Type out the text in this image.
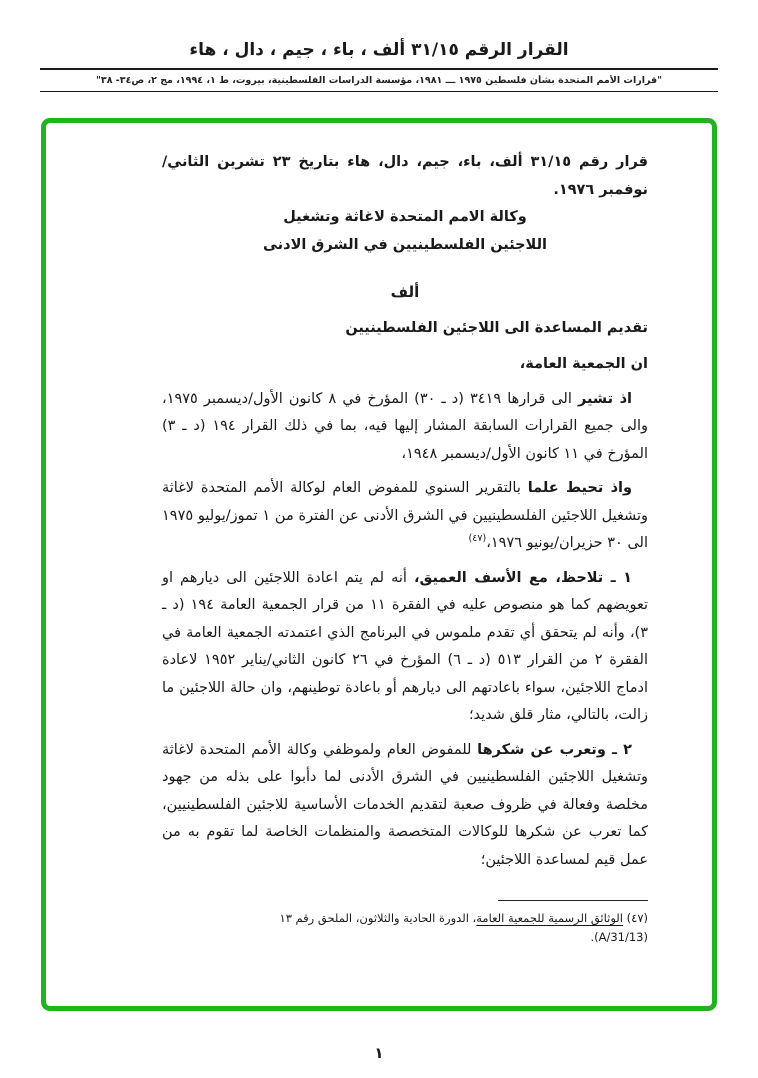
القرار الرقم ٣١/١٥ ألف ، باء ، جيم ، دال ، هاء

"قرارات الأمم المتحدة بشأن فلسطين ١٩٧٥ ـــ ١٩٨١، مؤسسة الدراسات الفلسطينية، بيروت، ط ١، ١٩٩٤، مج ٢، ص٣٤- ٣٨"

قرار رقم ٣١/١٥ ألف، باء، جيم، دال، هاء بتاريخ ٢٣ تشرين الثاني/نوفمبر ١٩٧٦.

وكالة الامم المتحدة لاغاثة وتشغيل

اللاجئين الفلسطينيين في الشرق الادنى

ألف
تقديم المساعدة الى اللاجئين الفلسطينيين

ان الجمعية العامة،

اذ تشير الى قرارها ٣٤١٩ (د ـ ٣٠) المؤرخ في ٨ كانون الأول/ديسمبر ١٩٧٥، والى جميع القرارات السابقة المشار إليها فيه، بما في ذلك القرار ١٩٤ (د ـ ٣) المؤرخ في ١١ كانون الأول/ديسمبر ١٩٤٨،

واذ تحيط علما بالتقرير السنوي للمفوض العام لوكالة الأمم المتحدة لاغاثة وتشغيل اللاجئين الفلسطينيين في الشرق الأدنى عن الفترة من ١ تموز/يوليو ١٩٧٥ الى ٣٠ حزيران/يونيو ١٩٧٦،$^{(٤٧)}$

١ ـ تلاحظ، مع الأسف العميق، أنه لم يتم اعادة اللاجئين الى ديارهم او تعويضهم كما هو منصوص عليه في الفقرة ١١ من قرار الجمعية العامة ١٩٤ (د ـ ٣)، وأنه لم يتحقق أي تقدم ملموس في البرنامج الذي اعتمدته الجمعية العامة في الفقرة ٢ من القرار ٥١٣ (د ـ ٦) المؤرخ في ٢٦ كانون الثاني/يناير ١٩٥٢ لاعادة ادماج اللاجئين، سواء باعادتهم الى ديارهم أو باعادة توطينهم، وان حالة اللاجئين ما زالت، بالتالي، مثار قلق شديد؛

٢ ـ وتعرب عن شكرها للمفوض العام ولموظفي وكالة الأمم المتحدة لاغاثة وتشغيل اللاجئين الفلسطينيين في الشرق الأدنى لما دأبوا على بذله من جهود مخلصة وفعالة في ظروف صعبة لتقديم الخدمات الأساسية للاجئين الفلسطينيين، كما تعرب عن شكرها للوكالات المتخصصة والمنظمات الخاصة لما تقوم به من عمل قيم لمساعدة اللاجئين؛

(٤٧) الوثائق الرسمية للجمعية العامة، الدورة الحادية والثلاثون، الملحق رقم ١٣

(A/31/13).

١
